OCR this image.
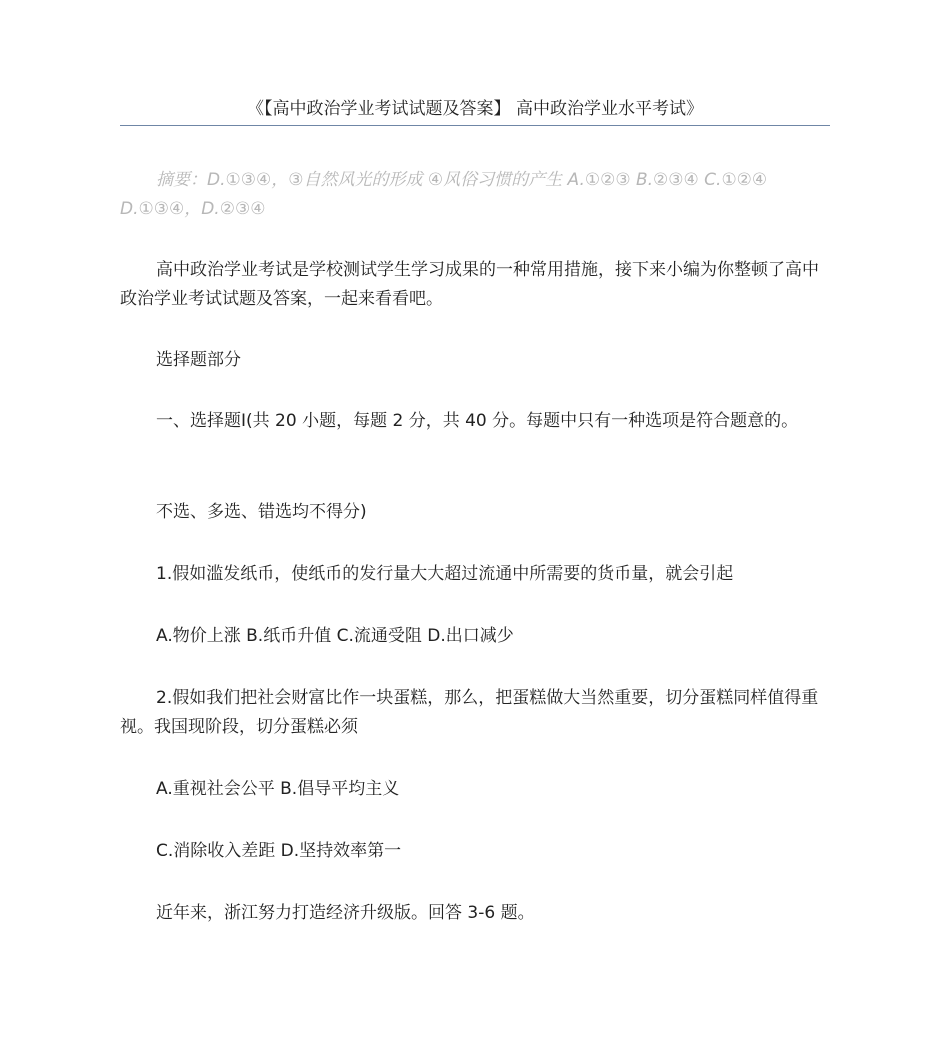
《【高中政治学业考试试题及答案】 高中政治学业水平考试》
摘要：D.①③④，③自然风光的形成 ④风俗习惯的产生 A.①②③ B.②③④ C.①②④ D.①③④，D.②③④

高中政治学业考试是学校测试学生学习成果的一种常用措施，接下来小编为你整顿了高中政治学业考试试题及答案，一起来看看吧。

选择题部分

一、选择题Ⅰ(共 20 小题，每题 2 分，共 40 分。每题中只有一种选项是符合题意的。

不选、多选、错选均不得分)

1.假如滥发纸币，使纸币的发行量大大超过流通中所需要的货币量，就会引起

A.物价上涨 B.纸币升值 C.流通受阻 D.出口减少

2.假如我们把社会财富比作一块蛋糕，那么，把蛋糕做大当然重要，切分蛋糕同样值得重视。我国现阶段，切分蛋糕必须

A.重视社会公平 B.倡导平均主义

C.消除收入差距 D.坚持效率第一

近年来，浙江努力打造经济升级版。回答 3-6 题。
